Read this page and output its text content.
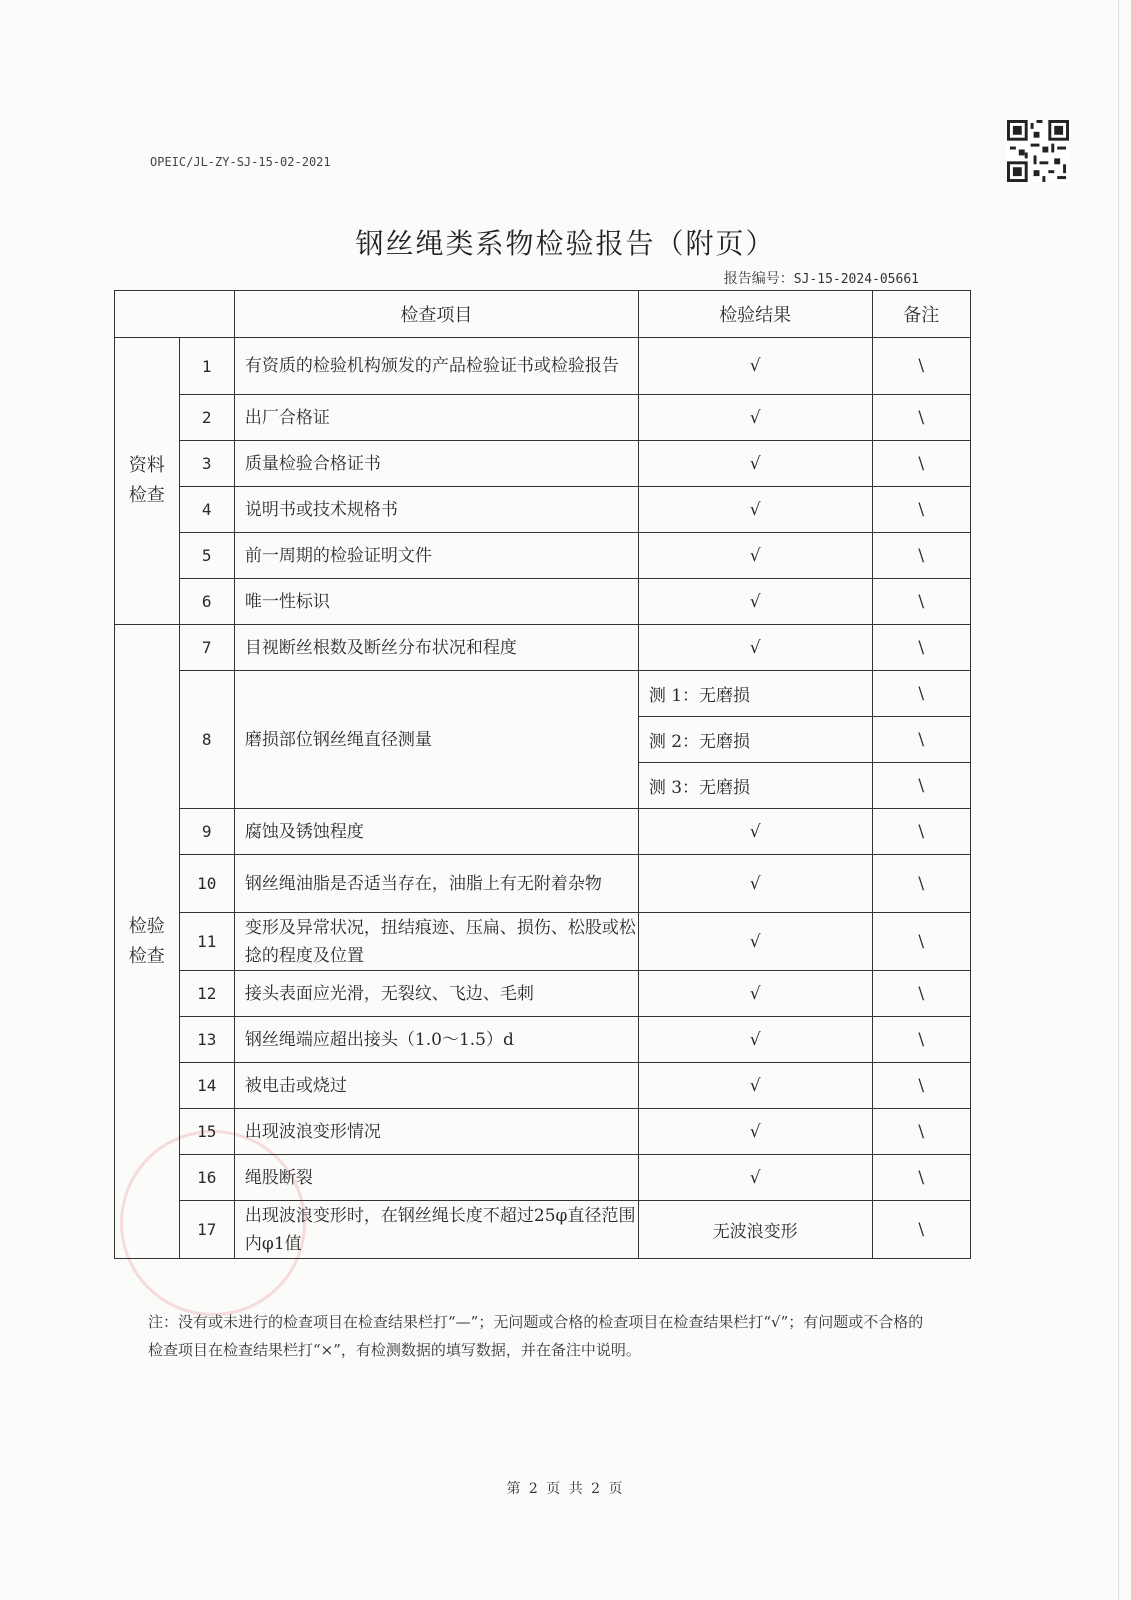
OPEIC/JL-ZY-SJ-15-02-2021
钢丝绳类系物检验报告（附页）
报告编号：SJ-15-2024-05661
		检查项目	检验结果	备注

资料检查	1	有资质的检验机构颁发的产品检验证书或检验报告	√	\
	2	出厂合格证	√	\
	3	质量检验合格证书	√	\
	4	说明书或技术规格书	√	\
	5	前一周期的检验证明文件	√	\
	6	唯一性标识	√	\

检验检查	7	目视断丝根数及断丝分布状况和程度	√	\
	8	磨损部位钢丝绳直径测量	测 1：无磨损	\
			测 2：无磨损	\
			测 3：无磨损	\
	9	腐蚀及锈蚀程度	√	\
	10	钢丝绳油脂是否适当存在，油脂上有无附着杂物	√	\
	11	变形及异常状况，扭结痕迹、压扁、损伤、松股或松捻的程度及位置	√	\
	12	接头表面应光滑，无裂纹、飞边、毛刺	√	\
	13	钢丝绳端应超出接头（1.0～1.5）d	√	\
	14	被电击或烧过	√	\
	15	出现波浪变形情况	√	\
	16	绳股断裂	√	\
	17	出现波浪变形时，在钢丝绳长度不超过25φ直径范围内φ1值	无波浪变形	\
注：没有或未进行的检查项目在检查结果栏打“—”；无问题或合格的检查项目在检查结果栏打“√”；有问题或不合格的检查项目在检查结果栏打“×”，有检测数据的填写数据，并在备注中说明。
第 2 页 共 2 页
